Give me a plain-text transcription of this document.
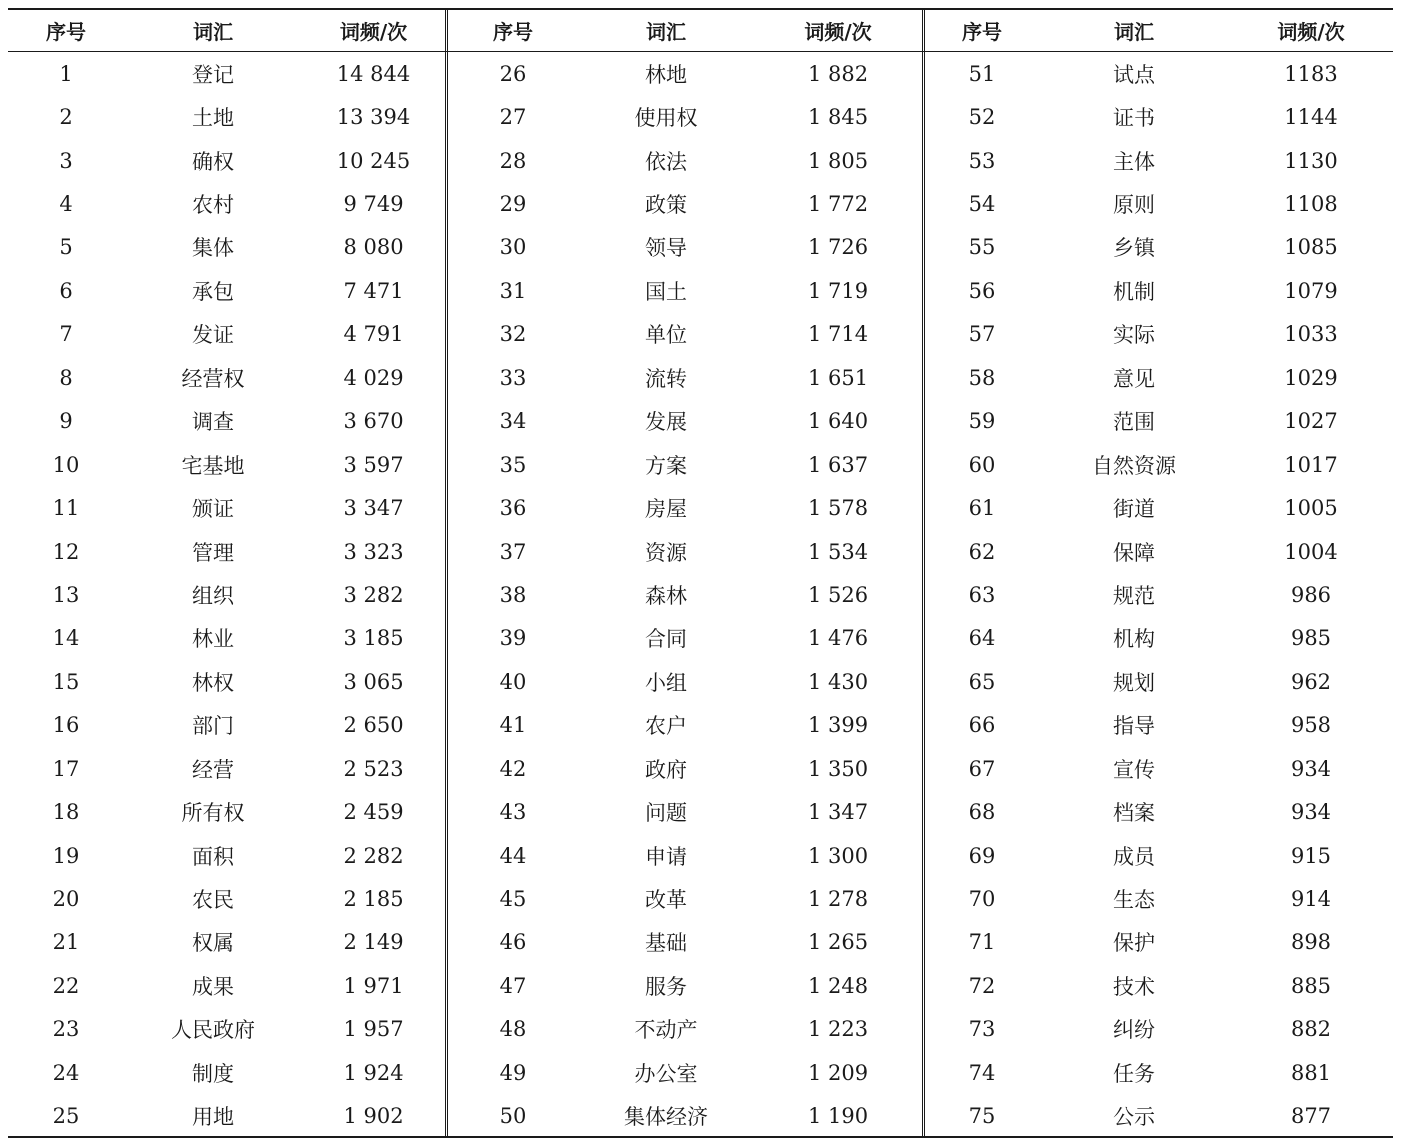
序号	词汇	词频/次
1	登记	14 844
2	土地	13 394
3	确权	10 245
4	农村	9 749
5	集体	8 080
6	承包	7 471
7	发证	4 791
8	经营权	4 029
9	调查	3 670
10	宅基地	3 597
11	颁证	3 347
12	管理	3 323
13	组织	3 282
14	林业	3 185
15	林权	3 065
16	部门	2 650
17	经营	2 523
18	所有权	2 459
19	面积	2 282
20	农民	2 185
21	权属	2 149
22	成果	1 971
23	人民政府	1 957
24	制度	1 924
25	用地	1 902
序号	词汇	词频/次
26	林地	1 882
27	使用权	1 845
28	依法	1 805
29	政策	1 772
30	领导	1 726
31	国土	1 719
32	单位	1 714
33	流转	1 651
34	发展	1 640
35	方案	1 637
36	房屋	1 578
37	资源	1 534
38	森林	1 526
39	合同	1 476
40	小组	1 430
41	农户	1 399
42	政府	1 350
43	问题	1 347
44	申请	1 300
45	改革	1 278
46	基础	1 265
47	服务	1 248
48	不动产	1 223
49	办公室	1 209
50	集体经济	1 190
序号	词汇	词频/次
51	试点	1183
52	证书	1144
53	主体	1130
54	原则	1108
55	乡镇	1085
56	机制	1079
57	实际	1033
58	意见	1029
59	范围	1027
60	自然资源	1017
61	街道	1005
62	保障	1004
63	规范	986
64	机构	985
65	规划	962
66	指导	958
67	宣传	934
68	档案	934
69	成员	915
70	生态	914
71	保护	898
72	技术	885
73	纠纷	882
74	任务	881
75	公示	877
